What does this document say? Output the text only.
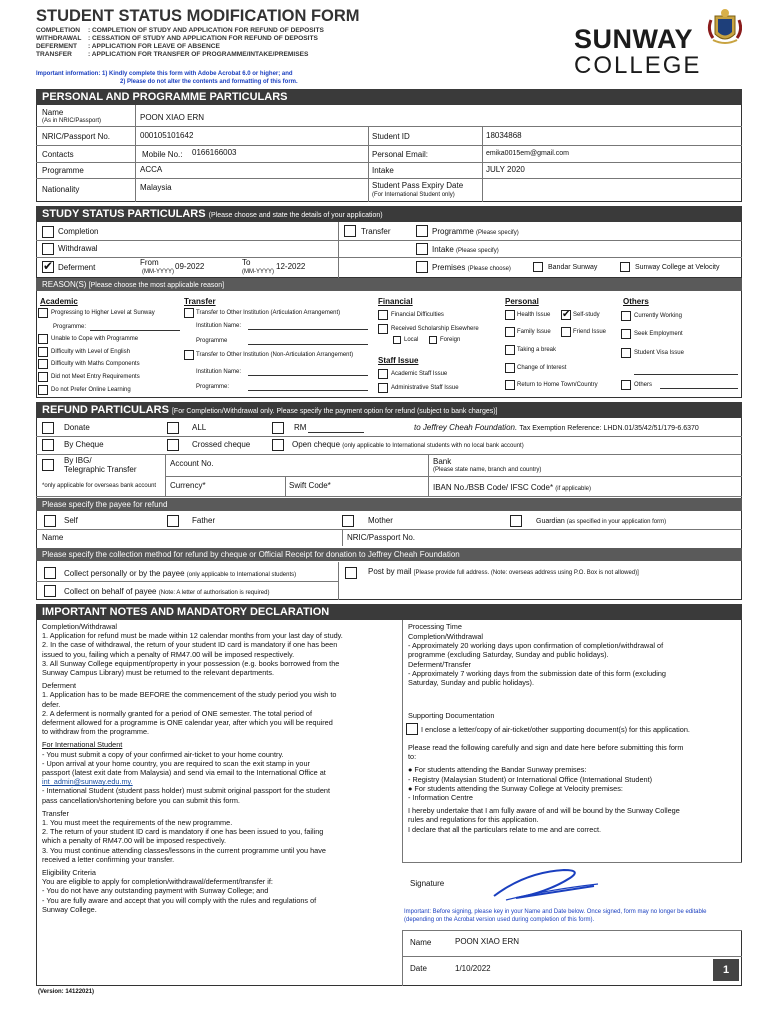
STUDENT STATUS MODIFICATION FORM
COMPLETION : COMPLETION OF STUDY AND APPLICATION FOR REFUND OF DEPOSITS
WITHDRAWAL : CESSATION OF STUDY AND APPLICATION FOR REFUND OF DEPOSITS
DEFERMENT : APPLICATION FOR LEAVE OF ABSENCE
TRANSFER : APPLICATION FOR TRANSFER OF PROGRAMME/INTAKE/PREMISES
Important information: 1) Kindly complete this form with Adobe Acrobat 6.0 or higher; and
2) Please do not alter the contents and formatting of this form.
SUNWAY
COLLEGE
PERSONAL AND PROGRAMME PARTICULARS
Name
(As in NRIC/Passport)	POON XIAO ERN
NRIC/Passport No.	000105101642	Student ID	18034868
Contacts	Mobile No.: 0166166003	Personal Email:	emika0015em@gmail.com
Programme	ACCA	Intake	JULY 2020
Nationality	Malaysia	Student Pass Expiry Date
(For International Student only)
STUDY STATUS PARTICULARS (Please choose and state the details of your application)
Completion
Withdrawal
✔ Deferment
From
(MM-YYYY)
09-2022	To
(MM-YYYY)
12-2022
Transfer	Programme (Please specify)
Intake (Please specify)
Premises (Please choose)	Bandar Sunway	Sunway College at Velocity
REASON(S) [Please choose the most applicable reason]
Academic
Progressing to Higher Level at Sunway
Programme:
Unable to Cope with Programme
Difficulty with Level of English
Difficulty with Maths Components
Did not Meet Entry Requirements
Do not Prefer Online Learning
Transfer
Transfer to Other Institution (Articulation Arrangement)
Institution Name:
Programme
Transfer to Other Institution (Non-Articulation Arrangement)
Institution Name:
Programme:
Financial
Financial Difficulties
Received Scholarship Elsewhere
Local	Foreign
Staff Issue
Academic Staff Issue
Administrative Staff Issue
Personal
Health Issue ✔ Self-study
Family Issue	Friend Issue
Taking a break
Change of Interest
Return to Home Town/Country
Others
Currently Working
Seek Employment
Student Visa Issue
Others
REFUND PARTICULARS [For Completion/Withdrawal only. Please specify the payment option for refund (subject to bank charges)]
Donate	ALL	RM	to Jeffrey Cheah Foundation. Tax Exemption Reference: LHDN.01/35/42/51/179-6.6370
By Cheque	Crossed cheque	Open cheque (only applicable to International students with no local bank account)
By IBG/
Telegraphic Transfer
*only applicable for overseas bank account
Account No.	Bank
(Please state name, branch and country)
Currency*	Swift Code*	IBAN No./BSB Code/ IFSC Code* (if applicable)
Please specify the payee for refund
Self	Father	Mother	Guardian (as specified in your application form)
Name	NRIC/Passport No.
Please specify the collection method for refund by cheque or Official Receipt for donation to Jeffrey Cheah Foundation
Collect personally or by the payee (only applicable to International students)
Collect on behalf of payee (Note: A letter of authorisation is required)
Post by mail [Please provide full address. (Note: overseas address using P.O. Box is not allowed)]
IMPORTANT NOTES AND MANDATORY DECLARATION
Completion/Withdrawal
1. Application for refund must be made within 12 calendar months from your last day of study.
2. In the case of withdrawal, the return of your student ID card is mandatory if one has been
issued to you, failing which a penalty of RM47.00 will be imposed respectively.
3. All Sunway College equipment/property in your possession (e.g. books borrowed from the
Sunway Campus Library) must be returned to the relevant departments.
Deferment
1. Application has to be made BEFORE the commencement of the study period you wish to
defer.
2. A deferment is normally granted for a period of ONE semester. The total period of
deferment allowed for a programme is ONE calendar year, after which you will be required
to withdraw from the programme.
For International Student
- You must submit a copy of your confirmed air-ticket to your home country.
- Upon arrival at your home country, you are required to scan the exit stamp in your
passport (latest exit date from Malaysia) and send via email to the International Office at
int_admin@sunway.edu.my.
- International Student (student pass holder) must submit original passport for the student
pass cancellation/shortening before you can submit this form.
Transfer
1. You must meet the requirements of the new programme.
2. The return of your student ID card is mandatory if one has been issued to you, failing
which a penalty of RM47.00 will be imposed respectively.
3. You must continue attending classes/lessons in the current programme until you have
received a letter confirming your transfer.
Eligibility Criteria
You are eligible to apply for completion/withdrawal/deferment/transfer if:
- You do not have any outstanding payment with Sunway College; and
- You are fully aware and accept that you will comply with the rules and regulations of
Sunway College.
Processing Time
Completion/Withdrawal
- Approximately 20 working days upon confirmation of completion/withdrawal of
programme (excluding Saturday, Sunday and public holidays).
Deferment/Transfer
- Approximately 7 working days from the submission date of this form (excluding
Saturday, Sunday and public holidays).
Supporting Documentation
I enclose a letter/copy of air-ticket/other supporting document(s) for this application.
Please read the following carefully and sign and date here before submitting this form
to:
● For students attending the Bandar Sunway premises:
- Registry (Malaysian Student) or International Office (International Student)
● For students attending the Sunway College at Velocity premises:
- Information Centre
I hereby undertake that I am fully aware of and will be bound by the Sunway College
rules and regulations for this application.
I declare that all the particulars relate to me and are correct.
Signature
Important: Before signing, please key in your Name and Date below. Once signed, form may no longer be editable
(depending on the Acrobat version used during completion of this form).
Name	POON XIAO ERN
Date	1/10/2022
(Version: 14122021)
1
